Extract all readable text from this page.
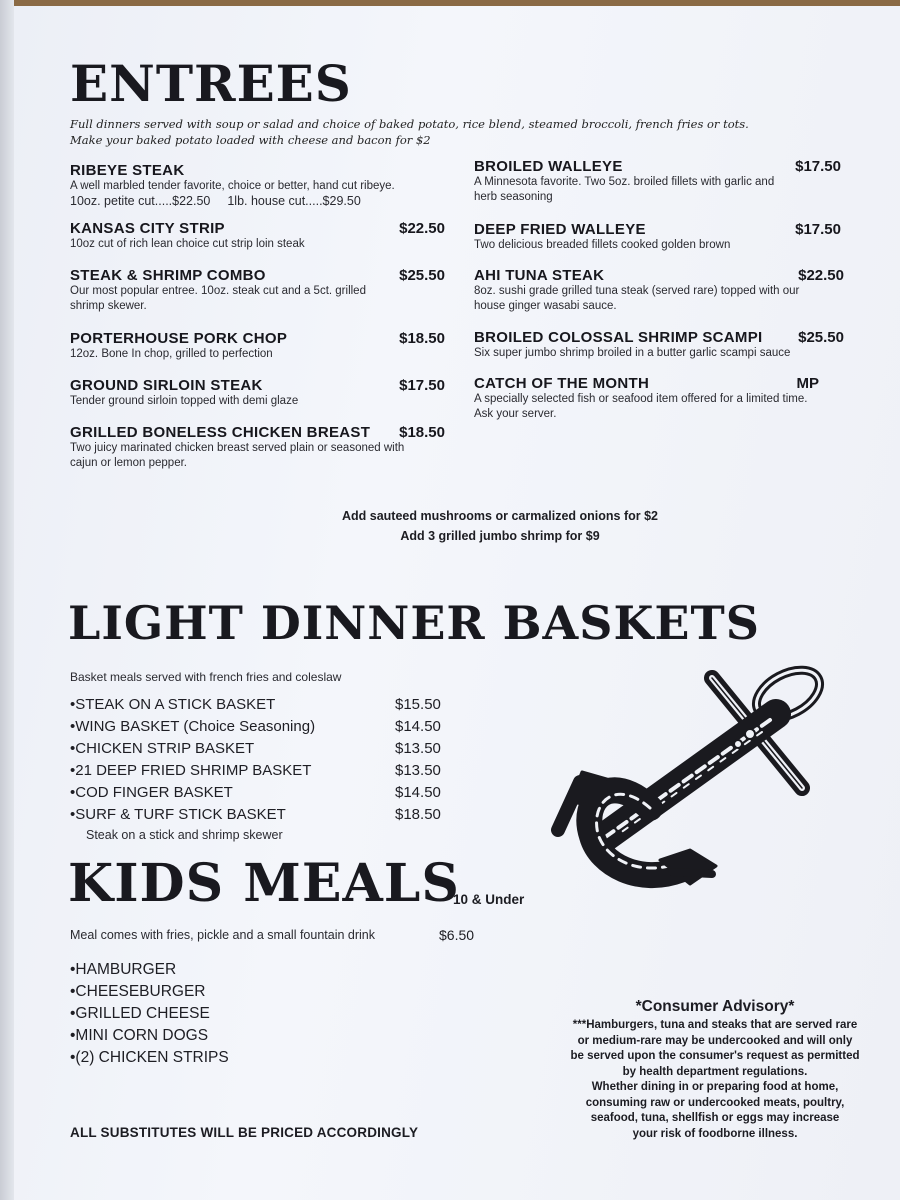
ENTREES
Full dinners served with soup or salad and choice of baked potato, rice blend, steamed broccoli, french fries or tots.
Make your baked potato loaded with cheese and bacon for $2
RIBEYE STEAK
A well marbled tender favorite, choice or better, hand cut ribeye.
10oz. petite cut.....$22.50 1lb. house cut.....$29.50
KANSAS CITY STRIP	$22.50
10oz cut of rich lean choice cut strip loin steak
STEAK & SHRIMP COMBO	$25.50
Our most popular entree. 10oz. steak cut and a 5ct. grilled shrimp skewer.
PORTERHOUSE PORK CHOP	$18.50
12oz. Bone In chop, grilled to perfection
GROUND SIRLOIN STEAK	$17.50
Tender ground sirloin topped with demi glaze
GRILLED BONELESS CHICKEN BREAST	$18.50
Two juicy marinated chicken breast served plain or seasoned with cajun or lemon pepper.
BROILED WALLEYE	$17.50
A Minnesota favorite. Two 5oz. broiled fillets with garlic and herb seasoning
DEEP FRIED WALLEYE	$17.50
Two delicious breaded fillets cooked golden brown
AHI TUNA STEAK	$22.50
8oz. sushi grade grilled tuna steak (served rare) topped with our house ginger wasabi sauce.
BROILED COLOSSAL SHRIMP SCAMPI	$25.50
Six super jumbo shrimp broiled in a butter garlic scampi sauce
CATCH OF THE MONTH	MP
A specially selected fish or seafood item offered for a limited time. Ask your server.
Add sauteed mushrooms or carmalized onions for $2
Add 3 grilled jumbo shrimp for $9
LIGHT DINNER BASKETS
Basket meals served with french fries and coleslaw
•STEAK ON A STICK BASKET	$15.50
•WING BASKET (Choice Seasoning)	$14.50
•CHICKEN STRIP BASKET	$13.50
•21 DEEP FRIED SHRIMP BASKET	$13.50
•COD FINGER BASKET	$14.50
•SURF & TURF STICK BASKET	$18.50
Steak on a stick and shrimp skewer
KIDS MEALS
10 & Under
Meal comes with fries, pickle and a small fountain drink	$6.50
•HAMBURGER
•CHEESEBURGER
•GRILLED CHEESE
•MINI CORN DOGS
•(2) CHICKEN STRIPS
ALL SUBSTITUTES WILL BE PRICED ACCORDINGLY
*Consumer Advisory*
***Hamburgers, tuna and steaks that are served rare
or medium-rare may be undercooked and will only
be served upon the consumer's request as permitted
by health department regulations.
Whether dining in or preparing food at home,
consuming raw or undercooked meats, poultry,
seafood, tuna, shellfish or eggs may increase
your risk of foodborne illness.
